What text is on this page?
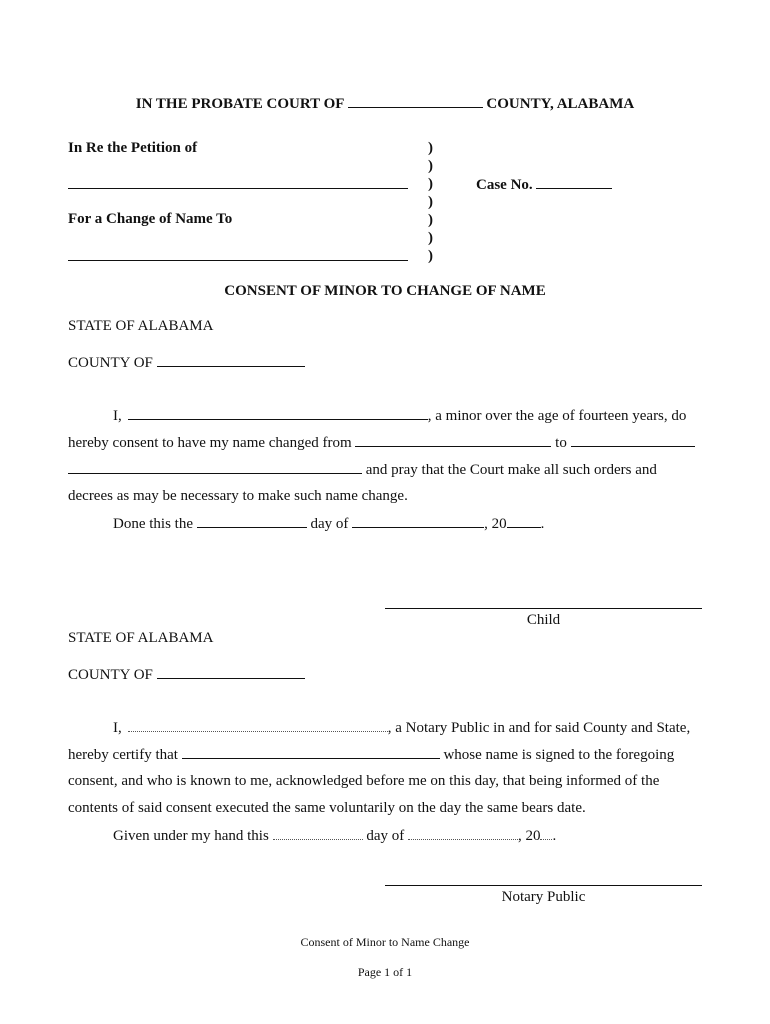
IN THE PROBATE COURT OF	COUNTY, ALABAMA
In Re the Petition of
For a Change of Name To
)
)
)
)
)
)
)
Case No.
CONSENT OF MINOR TO CHANGE OF NAME
STATE OF ALABAMA
COUNTY OF
I,	, a minor over the age of fourteen years, do
hereby consent to have my name changed from	to
and pray that the Court make all such orders and
decrees as may be necessary to make such name change.
Done this the	day of	, 20 .
Child
STATE OF ALABAMA
COUNTY OF
I,	, a Notary Public in and for said County and State,
hereby certify that	whose name is signed to the foregoing
consent, and who is known to me, acknowledged before me on this day, that being informed of the
contents of said consent executed the same voluntarily on the day the same bears date.
Given under my hand this	day of	, 20 .
Notary Public
Consent of Minor to Name Change
Page 1 of 1
